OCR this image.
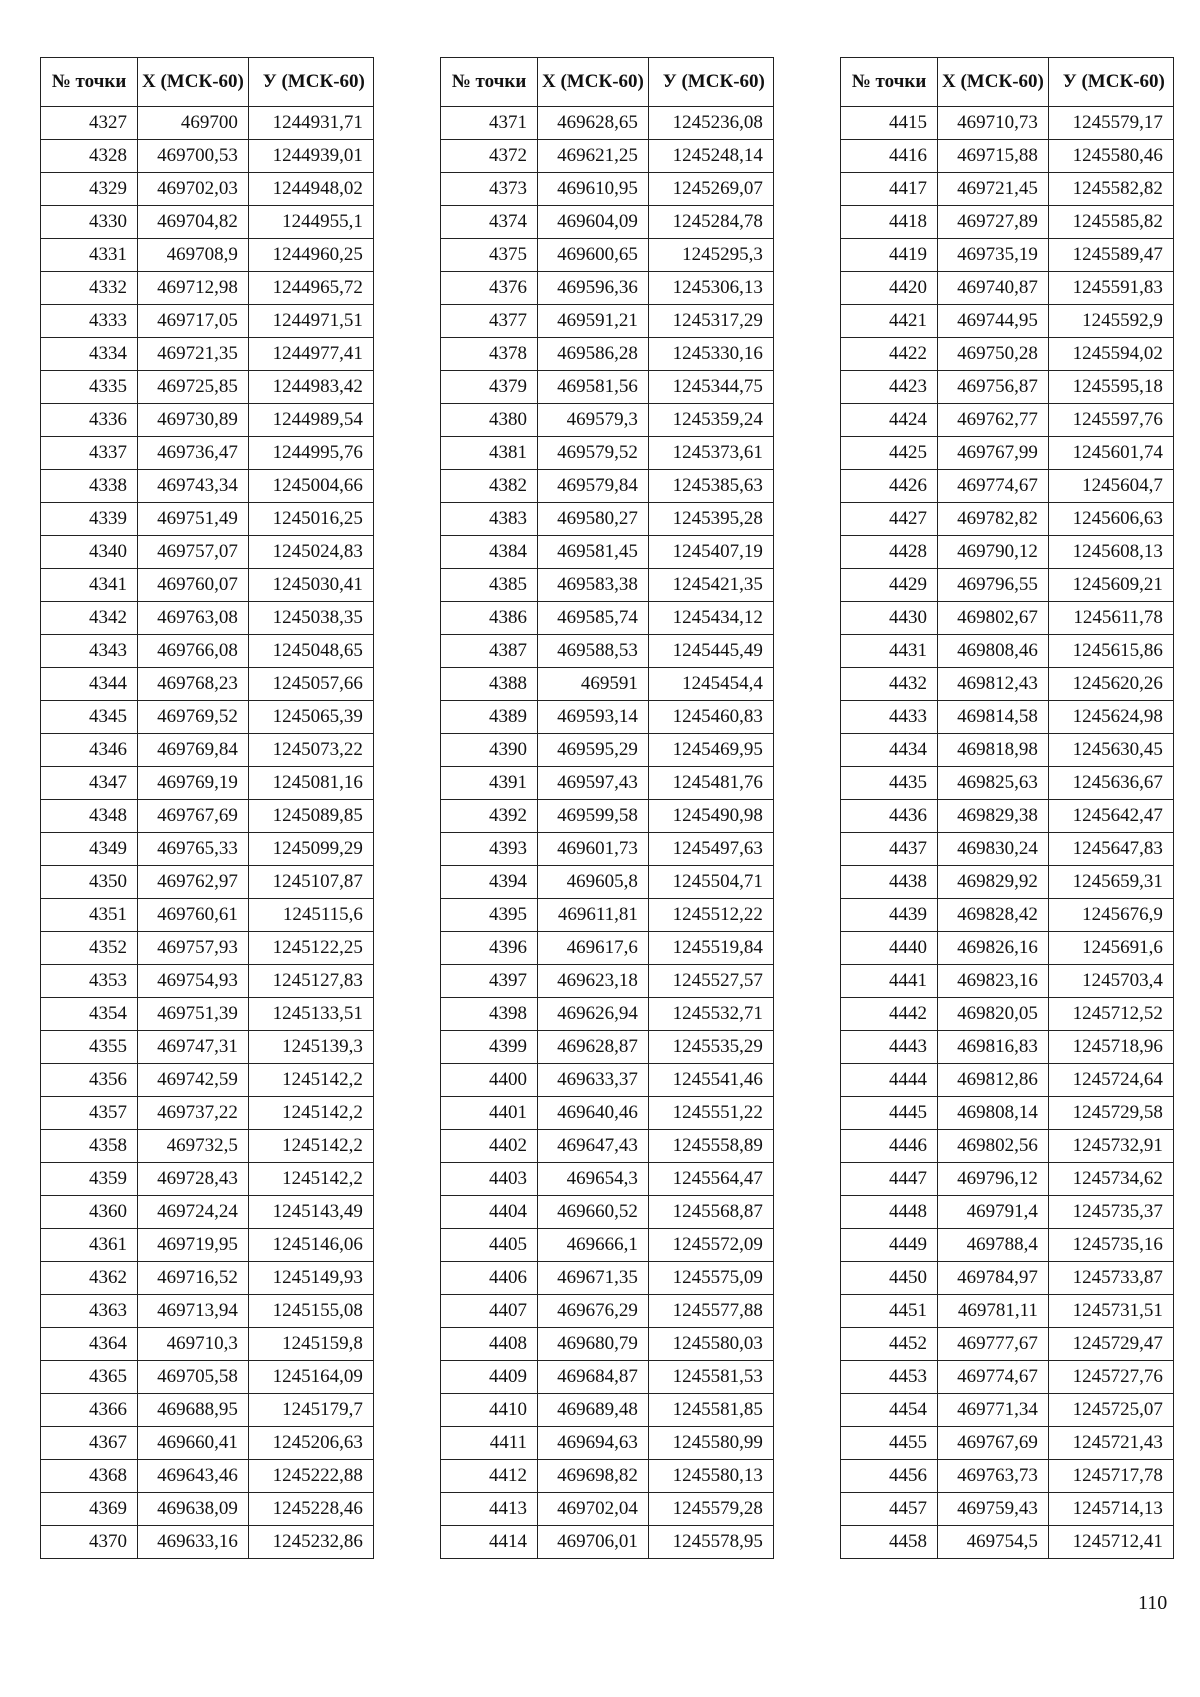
№ точки	X (МСК-60)	У (МСК-60)
4327	469700	1244931,71
4328	469700,53	1244939,01
4329	469702,03	1244948,02
4330	469704,82	1244955,1
4331	469708,9	1244960,25
4332	469712,98	1244965,72
4333	469717,05	1244971,51
4334	469721,35	1244977,41
4335	469725,85	1244983,42
4336	469730,89	1244989,54
4337	469736,47	1244995,76
4338	469743,34	1245004,66
4339	469751,49	1245016,25
4340	469757,07	1245024,83
4341	469760,07	1245030,41
4342	469763,08	1245038,35
4343	469766,08	1245048,65
4344	469768,23	1245057,66
4345	469769,52	1245065,39
4346	469769,84	1245073,22
4347	469769,19	1245081,16
4348	469767,69	1245089,85
4349	469765,33	1245099,29
4350	469762,97	1245107,87
4351	469760,61	1245115,6
4352	469757,93	1245122,25
4353	469754,93	1245127,83
4354	469751,39	1245133,51
4355	469747,31	1245139,3
4356	469742,59	1245142,2
4357	469737,22	1245142,2
4358	469732,5	1245142,2
4359	469728,43	1245142,2
4360	469724,24	1245143,49
4361	469719,95	1245146,06
4362	469716,52	1245149,93
4363	469713,94	1245155,08
4364	469710,3	1245159,8
4365	469705,58	1245164,09
4366	469688,95	1245179,7
4367	469660,41	1245206,63
4368	469643,46	1245222,88
4369	469638,09	1245228,46
4370	469633,16	1245232,86
№ точки	X (МСК-60)	У (МСК-60)
4371	469628,65	1245236,08
4372	469621,25	1245248,14
4373	469610,95	1245269,07
4374	469604,09	1245284,78
4375	469600,65	1245295,3
4376	469596,36	1245306,13
4377	469591,21	1245317,29
4378	469586,28	1245330,16
4379	469581,56	1245344,75
4380	469579,3	1245359,24
4381	469579,52	1245373,61
4382	469579,84	1245385,63
4383	469580,27	1245395,28
4384	469581,45	1245407,19
4385	469583,38	1245421,35
4386	469585,74	1245434,12
4387	469588,53	1245445,49
4388	469591	1245454,4
4389	469593,14	1245460,83
4390	469595,29	1245469,95
4391	469597,43	1245481,76
4392	469599,58	1245490,98
4393	469601,73	1245497,63
4394	469605,8	1245504,71
4395	469611,81	1245512,22
4396	469617,6	1245519,84
4397	469623,18	1245527,57
4398	469626,94	1245532,71
4399	469628,87	1245535,29
4400	469633,37	1245541,46
4401	469640,46	1245551,22
4402	469647,43	1245558,89
4403	469654,3	1245564,47
4404	469660,52	1245568,87
4405	469666,1	1245572,09
4406	469671,35	1245575,09
4407	469676,29	1245577,88
4408	469680,79	1245580,03
4409	469684,87	1245581,53
4410	469689,48	1245581,85
4411	469694,63	1245580,99
4412	469698,82	1245580,13
4413	469702,04	1245579,28
4414	469706,01	1245578,95
№ точки	X (МСК-60)	У (МСК-60)
4415	469710,73	1245579,17
4416	469715,88	1245580,46
4417	469721,45	1245582,82
4418	469727,89	1245585,82
4419	469735,19	1245589,47
4420	469740,87	1245591,83
4421	469744,95	1245592,9
4422	469750,28	1245594,02
4423	469756,87	1245595,18
4424	469762,77	1245597,76
4425	469767,99	1245601,74
4426	469774,67	1245604,7
4427	469782,82	1245606,63
4428	469790,12	1245608,13
4429	469796,55	1245609,21
4430	469802,67	1245611,78
4431	469808,46	1245615,86
4432	469812,43	1245620,26
4433	469814,58	1245624,98
4434	469818,98	1245630,45
4435	469825,63	1245636,67
4436	469829,38	1245642,47
4437	469830,24	1245647,83
4438	469829,92	1245659,31
4439	469828,42	1245676,9
4440	469826,16	1245691,6
4441	469823,16	1245703,4
4442	469820,05	1245712,52
4443	469816,83	1245718,96
4444	469812,86	1245724,64
4445	469808,14	1245729,58
4446	469802,56	1245732,91
4447	469796,12	1245734,62
4448	469791,4	1245735,37
4449	469788,4	1245735,16
4450	469784,97	1245733,87
4451	469781,11	1245731,51
4452	469777,67	1245729,47
4453	469774,67	1245727,76
4454	469771,34	1245725,07
4455	469767,69	1245721,43
4456	469763,73	1245717,78
4457	469759,43	1245714,13
4458	469754,5	1245712,41
110
